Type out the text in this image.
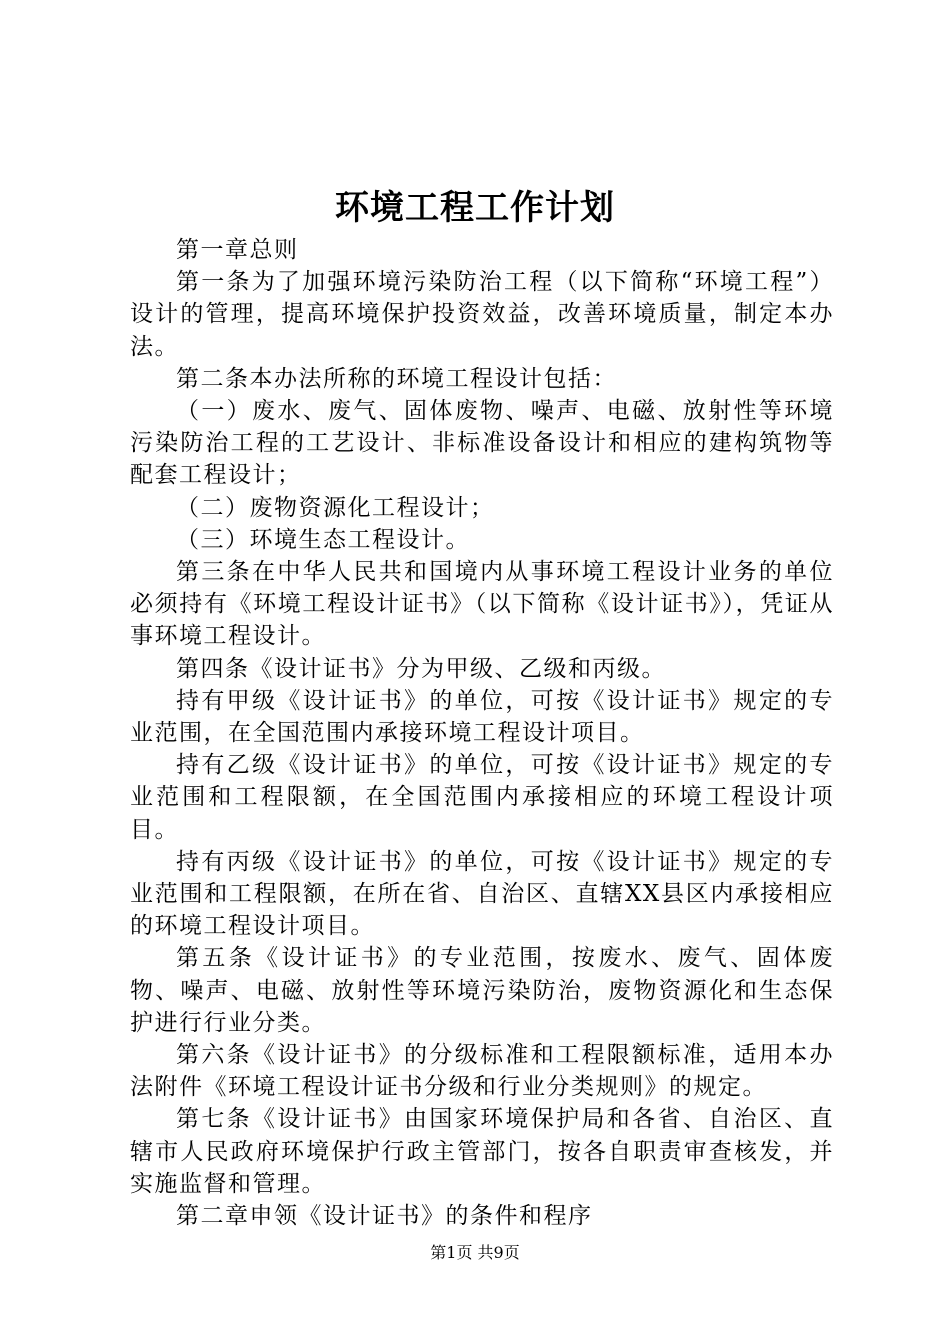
环境工程工作计划

第一章总则

第一条为了加强环境污染防治工程（以下简称“环境工程”）设计的管理，提高环境保护投资效益，改善环境质量，制定本办法。

第二条本办法所称的环境工程设计包括：

（一）废水、废气、固体废物、噪声、电磁、放射性等环境污染防治工程的工艺设计、非标准设备设计和相应的建构筑物等配套工程设计；

（二）废物资源化工程设计；

（三）环境生态工程设计。

第三条在中华人民共和国境内从事环境工程设计业务的单位必须持有《环境工程设计证书》（以下简称《设计证书》），凭证从事环境工程设计。

第四条《设计证书》分为甲级、乙级和丙级。

持有甲级《设计证书》的单位，可按《设计证书》规定的专业范围，在全国范围内承接环境工程设计项目。

持有乙级《设计证书》的单位，可按《设计证书》规定的专业范围和工程限额，在全国范围内承接相应的环境工程设计项目。

持有丙级《设计证书》的单位，可按《设计证书》规定的专业范围和工程限额，在所在省、自治区、直辖XX县区内承接相应的环境工程设计项目。

第五条《设计证书》的专业范围，按废水、废气、固体废物、噪声、电磁、放射性等环境污染防治，废物资源化和生态保护进行行业分类。

第六条《设计证书》的分级标准和工程限额标准，适用本办法附件《环境工程设计证书分级和行业分类规则》的规定。

第七条《设计证书》由国家环境保护局和各省、自治区、直辖市人民政府环境保护行政主管部门，按各自职责审查核发，并实施监督和管理。

第二章申领《设计证书》的条件和程序

第1页 共9页
